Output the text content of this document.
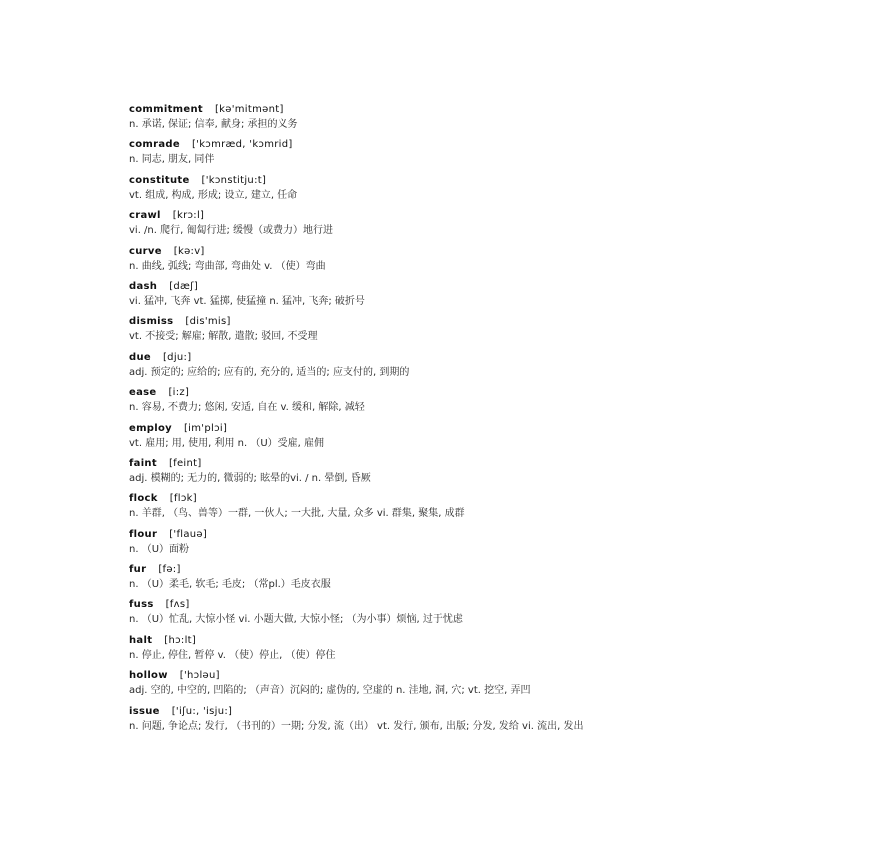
commitment [kə'mitmənt]
n. 承诺, 保证; 信奉, 献身; 承担的义务
comrade ['kɔmræd, 'kɔmrid]
n. 同志, 朋友, 同伴
constitute ['kɔnstitju:t]
vt. 组成, 构成, 形成; 设立, 建立, 任命
crawl [krɔ:l]
vi. /n. 爬行, 匍匐行进; 缓慢（或费力）地行进
curve [kə:v]
n. 曲线, 弧线; 弯曲部, 弯曲处 v. （使）弯曲
dash [dæʃ]
vi. 猛冲, 飞奔 vt. 猛掷, 使猛撞 n. 猛冲, 飞奔; 破折号
dismiss [dis'mis]
vt. 不接受; 解雇; 解散, 遣散; 驳回, 不受理
due [dju:]
adj. 预定的; 应给的; 应有的, 充分的, 适当的; 应支付的, 到期的
ease [i:z]
n. 容易, 不费力; 悠闲, 安适, 自在 v. 缓和, 解除, 减轻
employ [im'plɔi]
vt. 雇用; 用, 使用, 利用 n. （U）受雇, 雇佣
faint [feint]
adj. 模糊的; 无力的, 微弱的; 眩晕的vi. / n. 晕倒, 昏厥
flock [flɔk]
n. 羊群, （鸟、兽等）一群, 一伙人; 一大批, 大量, 众多 vi. 群集, 聚集, 成群
flour ['flauə]
n. （U）面粉
fur [fə:]
n. （U）柔毛, 软毛; 毛皮; （常pl.）毛皮衣服
fuss [fʌs]
n. （U）忙乱, 大惊小怪 vi. 小题大做, 大惊小怪; （为小事）烦恼, 过于忧虑
halt [hɔ:lt]
n. 停止, 停住, 暂停 v. （使）停止, （使）停住
hollow ['hɔləu]
adj. 空的, 中空的, 凹陷的; （声音）沉闷的; 虚伪的, 空虚的 n. 洼地, 洞, 穴; vt. 挖空, 弄凹
issue ['iʃu:, 'isju:]
n. 问题, 争论点; 发行, （书刊的）一期; 分发, 流（出） vt. 发行, 颁布, 出版; 分发, 发给 vi. 流出, 发出
